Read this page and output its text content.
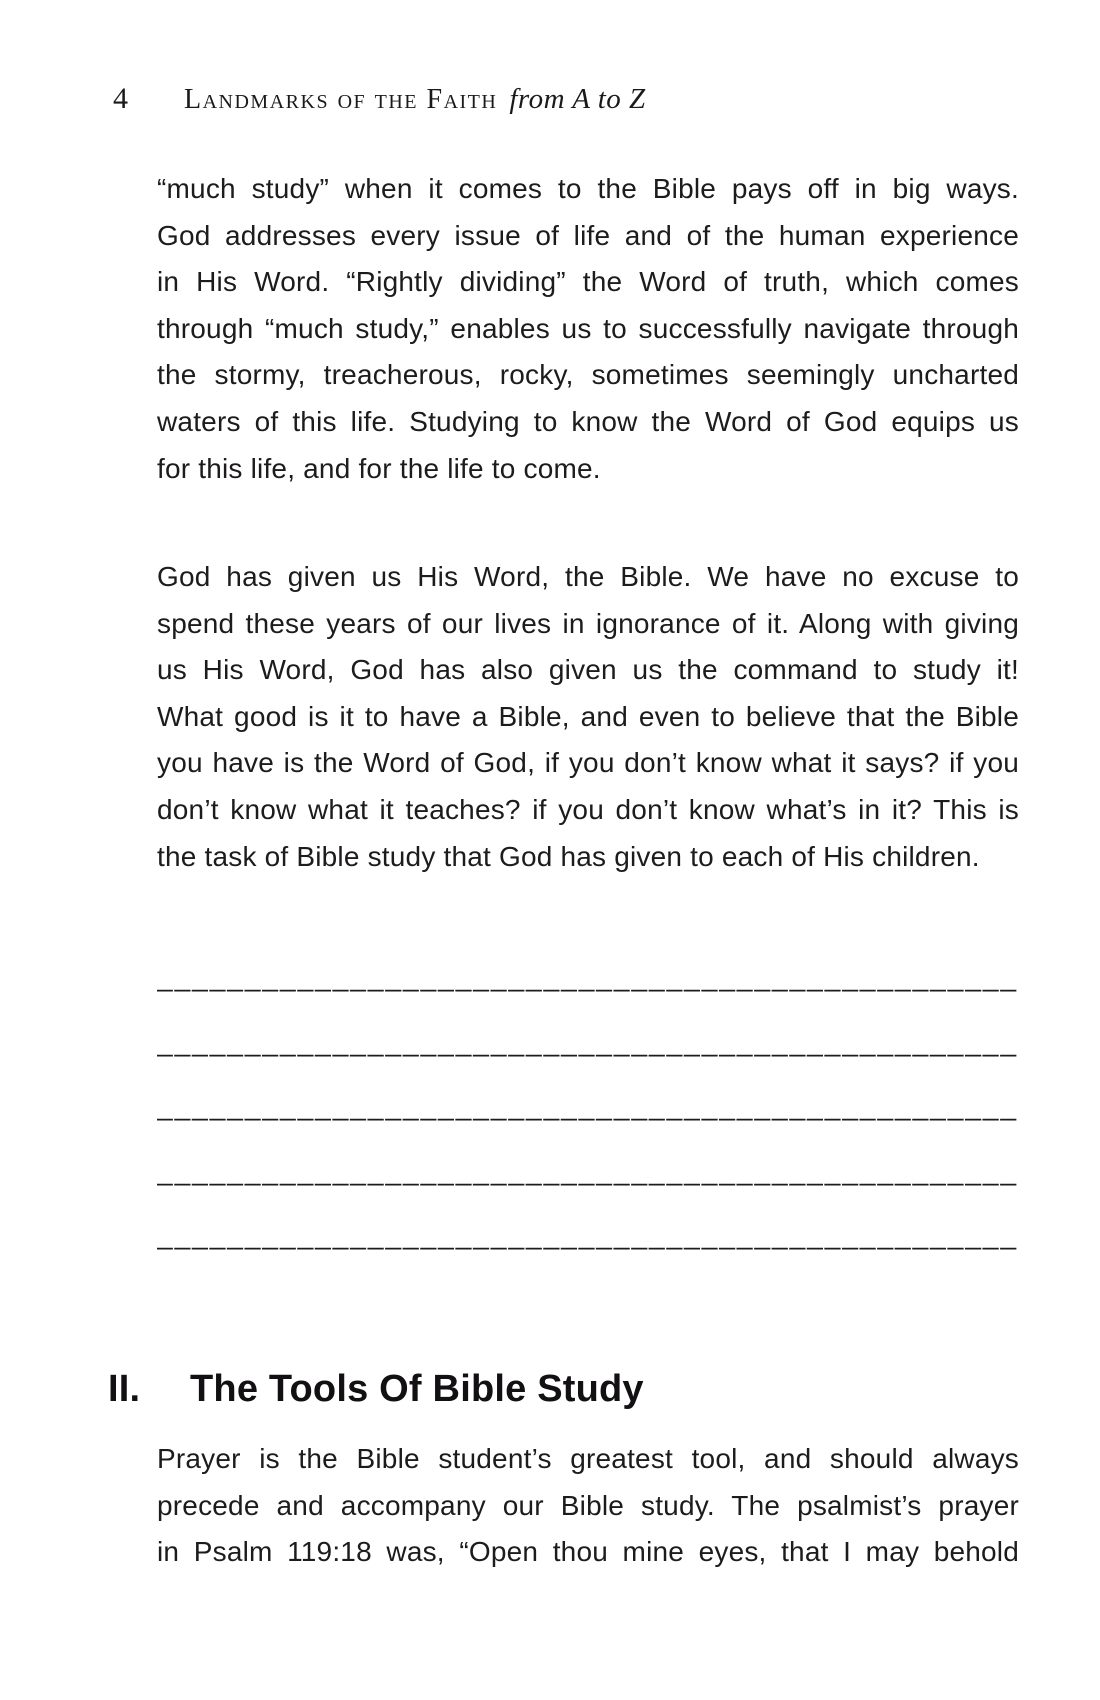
4 Landmarks of the Faith from A to Z
“much study” when it comes to the Bible pays off in big ways.
God addresses every issue of life and of the human experience
in His Word. “Rightly dividing” the Word of truth, which comes
through “much study,” enables us to successfully navigate through
the stormy, treacherous, rocky, sometimes seemingly uncharted
waters of this life. Studying to know the Word of God equips us
for this life, and for the life to come.
God has given us His Word, the Bible. We have no excuse to
spend these years of our lives in ignorance of it. Along with giving
us His Word, God has also given us the command to study it!
What good is it to have a Bible, and even to believe that the Bible
you have is the Word of God, if you don’t know what it says? if you
don’t know what it teaches? if you don’t know what’s in it? This is
the task of Bible study that God has given to each of His children.
_________________________________________________
_________________________________________________
_________________________________________________
_________________________________________________
_________________________________________________
II.	The Tools Of Bible Study
Prayer is the Bible student’s greatest tool, and should always
precede and accompany our Bible study. The psalmist’s prayer
in Psalm 119:18 was, “Open thou mine eyes, that I may behold
